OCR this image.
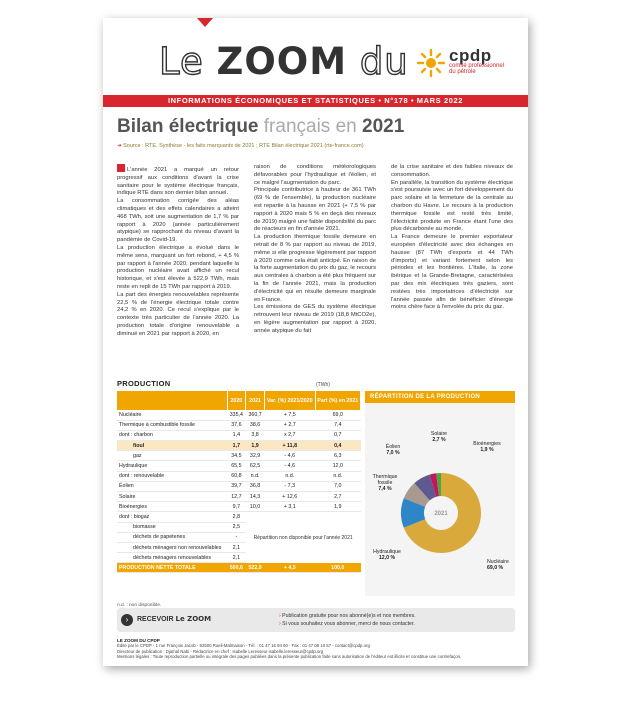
Le ZOOM du cpdp
comité professionnel du pétrole
INFORMATIONS ÉCONOMIQUES ET STATISTIQUES • N°178 • MARS 2022
Bilan électrique français en 2021
➜ Source : RTE. Synthèse - les faits marquants de 2021 ; RTE Bilan électrique 2021 (rte-france.com)

L'année 2021 a marqué un retour progressif aux conditions d'avant la crise sanitaire pour le système électrique français, indique RTE dans son dernier bilan annuel.

La consommation corrigée des aléas climatiques et des effets calendaires a atteint 468 TWh, soit une augmentation de 1,7 % par rapport à 2020 (année particulièrement atypique) se rapprochant du niveau d'avant la pandémie de Covid-19.

La production électrique a évolué dans le même sens, marquant un fort rebond, + 4,5 % par rapport à l'année 2020, pendant laquelle la production nucléaire avait affiché un recul historique, et s'est élevée à 522,9 TWh, mais reste en repli de 15 TWh par rapport à 2019.

La part des énergies renouvelables représente 22,5 % de l'énergie électrique totale contre 24,2 % en 2020. Ce recul s'explique par le contexte très particulier de l'année 2020. La production totale d'origine renouvelable a diminué en 2021 par rapport à 2020, en

raison de conditions météorologiques défavorables pour l'hydraulique et l'éolien, et ce malgré l'augmentation du parc.

Principale contributrice à hauteur de 361 TWh (69 % de l'ensemble), la production nucléaire est repartie à la hausse en 2021 (+ 7,5 % par rapport à 2020 mais 5 % en deçà des niveaux de 2019) malgré une faible disponibilité du parc de réacteurs en fin d'année 2021.

La production thermique fossile demeure en retrait de 8 % par rapport au niveau de 2019, même si elle progresse légèrement par rapport à 2020 comme cela était anticipé. En raison de la forte augmentation du prix du gaz, le recours aux centrales à charbon a été plus fréquent sur la fin de l'année 2021, mais la production d'électricité qui en résulte demeure marginale en France.

Les émissions de GES du système électrique retrouvent leur niveau de 2019 (18,8 MtCO2e), en légère augmentation par rapport à 2020, année atypique du fait

de la crise sanitaire et des faibles niveaux de consommation.

En parallèle, la transition du système électrique s'est poursuivie avec un fort développement du parc solaire et la fermeture de la centrale au charbon du Havre. Le recours à la production thermique fossile est resté très limité, l'électricité produite en France étant l'une des plus décarbonée au monde.

La France demeure le premier exportateur européen d'électricité avec des échanges en hausse (87 TWh d'exports et 44 TWh d'imports) et variant fortement selon les périodes et les frontières. L'Italie, la zone ibérique et la Grande-Bretagne, caractérisées par des mix électriques très gaziers, sont restées très importatrices d'électricité sur l'année passée afin de bénéficier d'énergie moins chère face à l'envolée du prix du gaz.

PRODUCTION	(TWh)
	2020	2021	Var. (%) 2021/2020	Part (%) en 2021
Nucléaire	335,4	360,7	+ 7,5	69,0
Thermique à combustible fossile	37,6	38,6	+ 2,7	7,4
dont : charbon	1,4	3,8	x 2,7	0,7
fioul	1,7	1,9	+ 11,8	0,4
gaz	34,5	32,9	- 4,6	6,3
Hydraulique	65,5	62,5	- 4,6	12,0
dont : renouvelable	60,8	n.d.	n.d.	n.d.
Éolien	39,7	36,8	- 7,3	7,0
Solaire	12,7	14,3	+ 12,6	2,7
Bioénergies	9,7	10,0	+ 3,1	1,9
dont : biogaz	2,8	Répartition non disponible pour l'année 2021		
biomasse	2,5			
déchets de papeteries	-			
déchets ménagers non renouvelables	2,1			
déchets ménagers renouvelables	2,1			
PRODUCTION NETTE TOTALE	500,6	522,9	+ 4,5	100,0
n.d. : non disponible.
RÉPARTITION DE LA PRODUCTION
2021
Nucléaire 69,0 %
Hydraulique 12,0 %
Thermique fossile 7,4 %
Éolien 7,0 %
Solaire 2,7 %
Bioénergies 1,9 %
›	RECEVOIR Le ZOOM	› Publication gratuite pour nos abonné(e)s et nos membres.
› Si vous souhaitez vous abonner, merci de nous contacter.
LE ZOOM DU CPDP
Édité par le CPDP - 1 rue François Jacob - 92500 Rueil-Malmaison - Tél. : 01 47 16 94 60 - Fax : 01 47 08 10 57 - contact@cpdp.org
Directeur de publication : Djamal Nabi - Rédactrice en chef : Isabelle Leresseur isabelle.leresseur@cpdp.org
Mentions légales : Toute reproduction partielle ou intégrale des pages publiées dans la présente publication faite sans autorisation de l'éditeur est illicite et constitue une contrefaçon.
